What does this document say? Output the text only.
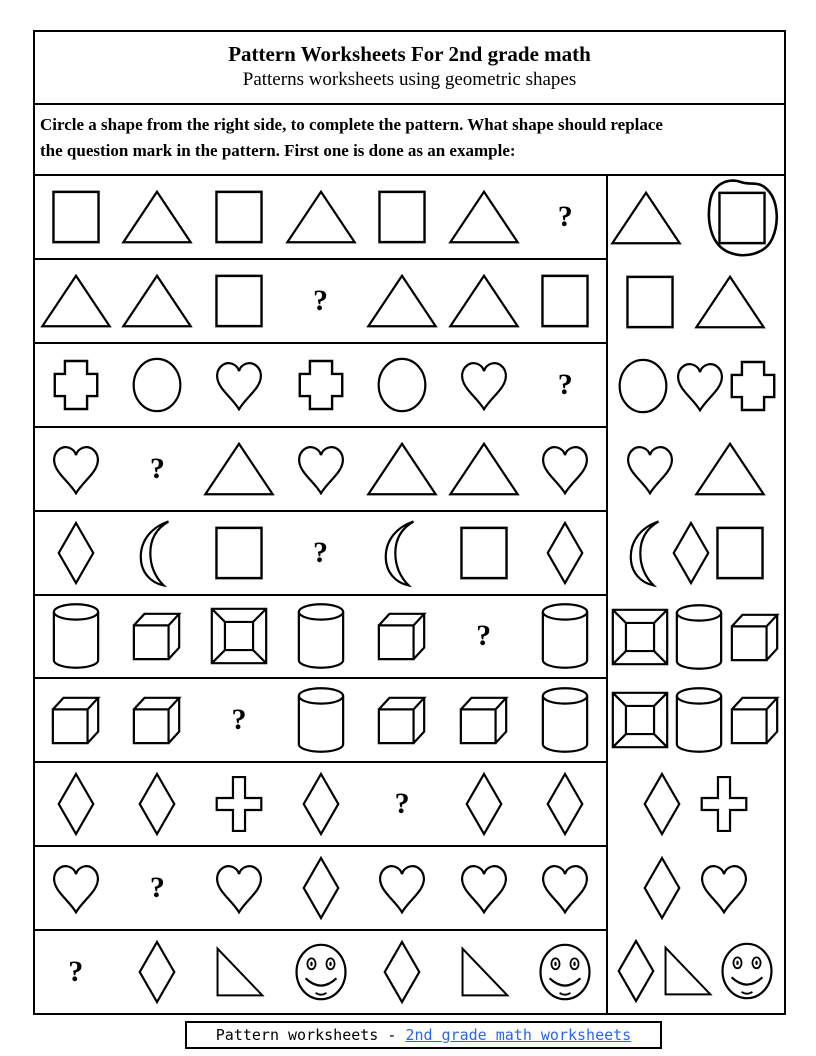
Pattern Worksheets For 2nd grade math
Patterns worksheets using geometric shapes
Circle a shape from the right side, to complete the pattern. What shape should replace
the question mark in the pattern. First one is done as an example:
?
?
?
?
?
?
?
?
?
?
Pattern worksheets - 2nd grade math worksheets
